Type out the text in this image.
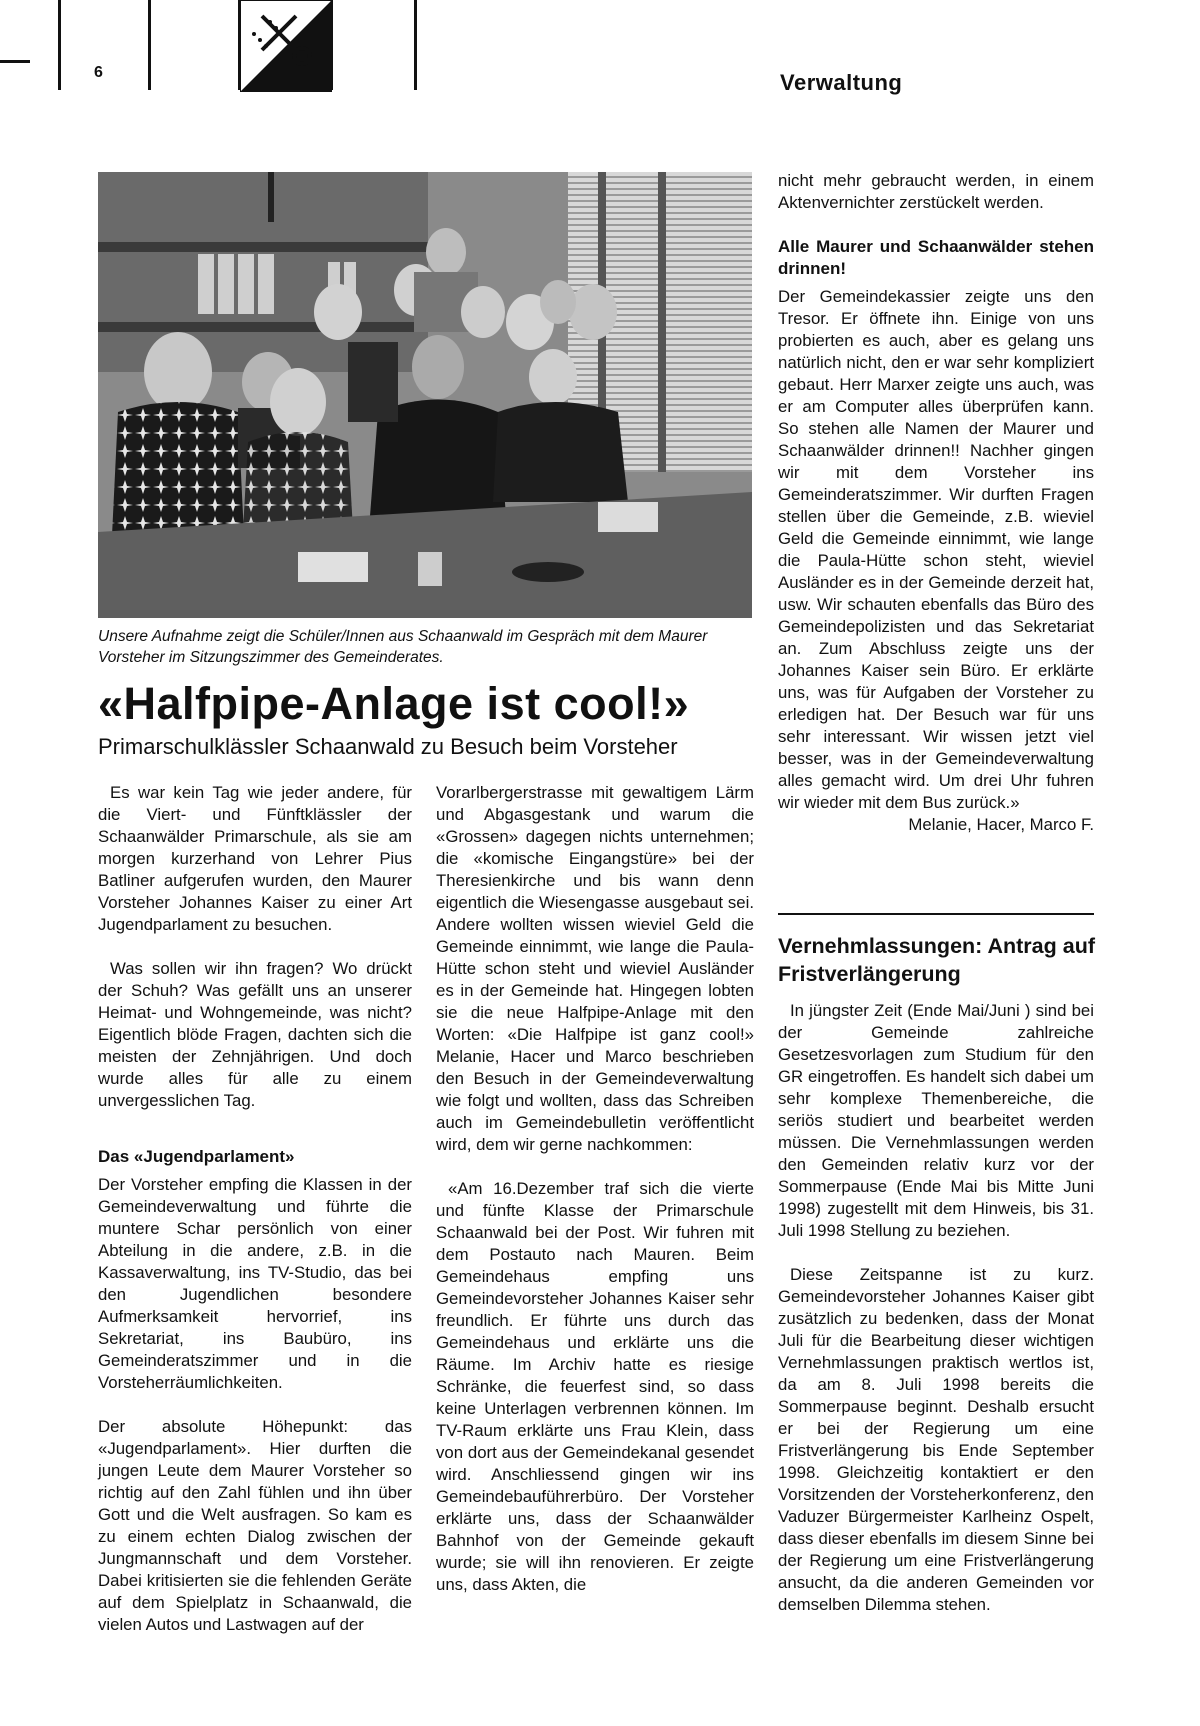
6	Verwaltung
Unsere Aufnahme zeigt die Schüler/Innen aus Schaanwald im Gespräch mit dem Maurer Vorsteher im Sitzungszimmer des Gemeinderates.
«Halfpipe-Anlage ist cool!»
Primarschulklässler Schaanwald zu Besuch beim Vorsteher

Es war kein Tag wie jeder andere, für die Viert- und Fünftklässler der Schaanwälder Primarschule, als sie am morgen kurzerhand von Lehrer Pius Batliner aufgerufen wurden, den Maurer Vorsteher Johannes Kaiser zu einer Art Jugendparlament zu besuchen.

Was sollen wir ihn fragen? Wo drückt der Schuh? Was gefällt uns an unserer Heimat- und Wohngemeinde, was nicht? Eigentlich blöde Fragen, dachten sich die meisten der Zehnjährigen. Und doch wurde alles für alle zu einem unvergesslichen Tag.

Das «Jugendparlament»

Der Vorsteher empfing die Klassen in der Gemeindeverwaltung und führte die muntere Schar persönlich von einer Abteilung in die andere, z.B. in die Kassaverwaltung, ins TV-Studio, das bei den Jugendlichen besondere Aufmerksamkeit hervorrief, ins Sekretariat, ins Baubüro, ins Gemeinderatszimmer und in die Vorsteherräumlichkeiten.

Der absolute Höhepunkt: das «Jugendparlament». Hier durften die jungen Leute dem Maurer Vorsteher so richtig auf den Zahl fühlen und ihn über Gott und die Welt ausfragen. So kam es zu einem echten Dialog zwischen der Jungmannschaft und dem Vorsteher. Dabei kritisierten sie die fehlenden Geräte auf dem Spielplatz in Schaanwald, die vielen Autos und Lastwagen auf der

Vorarlbergerstrasse mit gewaltigem Lärm und Abgasgestank und warum die «Grossen» dagegen nichts unternehmen; die «komische Eingangstüre» bei der Theresienkirche und bis wann denn eigentlich die Wiesengasse ausgebaut sei. Andere wollten wissen wieviel Geld die Gemeinde einnimmt, wie lange die Paula-Hütte schon steht und wieviel Ausländer es in der Gemeinde hat. Hingegen lobten sie die neue Halfpipe-Anlage mit den Worten: «Die Halfpipe ist ganz cool!» Melanie, Hacer und Marco beschrieben den Besuch in der Gemeindeverwaltung wie folgt und wollten, dass das Schreiben auch im Gemeindebulletin veröffentlicht wird, dem wir gerne nachkommen:

«Am 16.Dezember traf sich die vierte und fünfte Klasse der Primarschule Schaanwald bei der Post. Wir fuhren mit dem Postauto nach Mauren. Beim Gemeindehaus empfing uns Gemeindevorsteher Johannes Kaiser sehr freundlich. Er führte uns durch das Gemeindehaus und erklärte uns die Räume. Im Archiv hatte es riesige Schränke, die feuerfest sind, so dass keine Unterlagen verbrennen können. Im TV-Raum erklärte uns Frau Klein, dass von dort aus der Gemeindekanal gesendet wird. Anschliessend gingen wir ins Gemeindebauführerbüro. Der Vorsteher erklärte uns, dass der Schaanwälder Bahnhof von der Gemeinde gekauft wurde; sie will ihn renovieren. Er zeigte uns, dass Akten, die

nicht mehr gebraucht werden, in einem Aktenvernichter zerstückelt werden.

Alle Maurer und Schaanwälder stehen drinnen!

Der Gemeindekassier zeigte uns den Tresor. Er öffnete ihn. Einige von uns probierten es auch, aber es gelang uns natürlich nicht, den er war sehr kompliziert gebaut. Herr Marxer zeigte uns auch, was er am Computer alles überprüfen kann. So stehen alle Namen der Maurer und Schaanwälder drinnen!! Nachher gingen wir mit dem Vorsteher ins Gemeinderatszimmer. Wir durften Fragen stellen über die Gemeinde, z.B. wieviel Geld die Gemeinde einnimmt, wie lange die Paula-Hütte schon steht, wieviel Ausländer es in der Gemeinde derzeit hat, usw. Wir schauten ebenfalls das Büro des Gemeindepolizisten und das Sekretariat an. Zum Abschluss zeigte uns der Johannes Kaiser sein Büro. Er erklärte uns, was für Aufgaben der Vorsteher zu erledigen hat. Der Besuch war für uns sehr interessant. Wir wissen jetzt viel besser, was in der Gemeindeverwaltung alles gemacht wird. Um drei Uhr fuhren wir wieder mit dem Bus zurück.»

Melanie, Hacer, Marco F.

Vernehmlassungen: Antrag auf Fristverlängerung

In jüngster Zeit (Ende Mai/Juni ) sind bei der Gemeinde zahlreiche Gesetzesvorlagen zum Studium für den GR eingetroffen. Es handelt sich dabei um sehr komplexe Themenbereiche, die seriös studiert und bearbeitet werden müssen. Die Vernehmlassungen werden den Gemeinden relativ kurz vor der Sommerpause (Ende Mai bis Mitte Juni 1998) zugestellt mit dem Hinweis, bis 31. Juli 1998 Stellung zu beziehen.

Diese Zeitspanne ist zu kurz. Gemeindevorsteher Johannes Kaiser gibt zusätzlich zu bedenken, dass der Monat Juli für die Bearbeitung dieser wichtigen Vernehmlassungen praktisch wertlos ist, da am 8. Juli 1998 bereits die Sommerpause beginnt. Deshalb ersucht er bei der Regierung um eine Fristverlängerung bis Ende September 1998. Gleichzeitig kontaktiert er den Vorsitzenden der Vorsteherkonferenz, den Vaduzer Bürgermeister Karlheinz Ospelt, dass dieser ebenfalls im diesem Sinne bei der Regierung um eine Fristverlängerung ansucht, da die anderen Gemeinden vor demselben Dilemma stehen.
